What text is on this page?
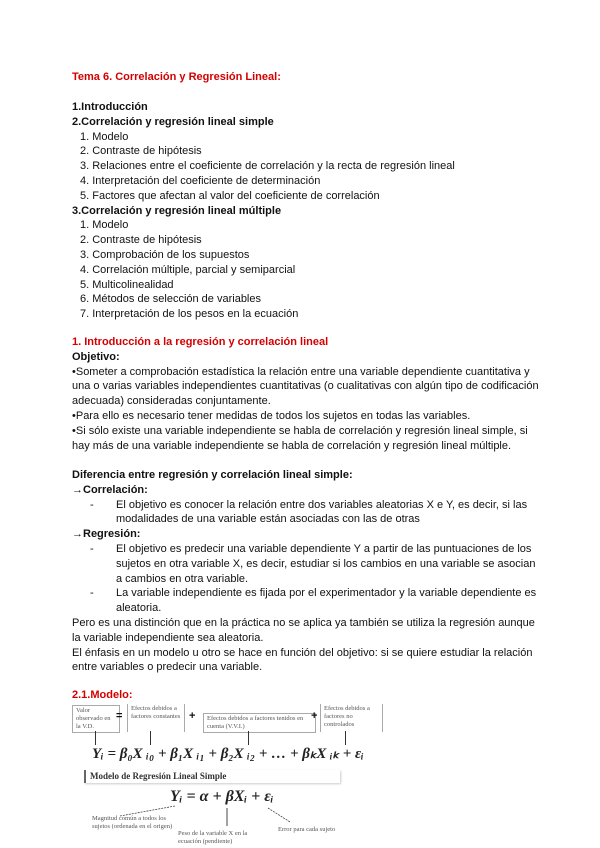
Tema 6. Correlación y Regresión Lineal:
1.Introducción
2.Correlación y regresión lineal simple
1. Modelo
2. Contraste de hipótesis
3. Relaciones entre el coeficiente de correlación y la recta de regresión lineal
4. Interpretación del coeficiente de determinación
5. Factores que afectan al valor del coeficiente de correlación
3.Correlación y regresión lineal múltiple
1. Modelo
2. Contraste de hipótesis
3. Comprobación de los supuestos
4. Correlación múltiple, parcial y semiparcial
5. Multicolinealidad
6. Métodos de selección de variables
7. Interpretación de los pesos en la ecuación
1. Introducción a la regresión y correlación lineal
Objetivo:
•Someter a comprobación estadística la relación entre una variable dependiente cuantitativa y una o varias variables independientes cuantitativas (o cualitativas con algún tipo de codificación adecuada) consideradas conjuntamente.
•Para ello es necesario tener medidas de todos los sujetos en todas las variables.
•Si sólo existe una variable independiente se habla de correlación y regresión lineal simple, si hay más de una variable independiente se habla de correlación y regresión lineal múltiple.
Diferencia entre regresión y correlación lineal simple:
→Correlación:
-	El objetivo es conocer la relación entre dos variables aleatorias X e Y, es decir, si las modalidades de una variable están asociadas con las de otras
→Regresión:
-	El objetivo es predecir una variable dependiente Y a partir de las puntuaciones de los sujetos en otra variable X, es decir, estudiar si los cambios en una variable se asocian a cambios en otra variable.
-	La variable independiente es fijada por el experimentador y la variable dependiente es aleatoria.
Pero es una distinción que en la práctica no se aplica ya también se utiliza la regresión aunque la variable independiente sea aleatoria.
El énfasis en un modelo u otro se hace en función del objetivo: si se quiere estudiar la relación entre variables o predecir una variable.
2.1.Modelo:
Valor observado en la V.D.
=
Efectos debidos a factores constantes +	Efectos debidos a factores tenidos en cuenta (V.V.I.)
+
Efectos debidos a factores no controlados
Yᵢ = β₀X ᵢ₀ + β₁X ᵢ₁ + β₂X ᵢ₂ + … + βₖX ᵢₖ + εᵢ
Modelo de Regresión Lineal Simple
Yᵢ = α + βXᵢ + εᵢ
Magnitud común a todos los sujetos (ordenada en el origen)
Peso de la variable X en la ecuación (pendiente)
Error para cada sujeto
